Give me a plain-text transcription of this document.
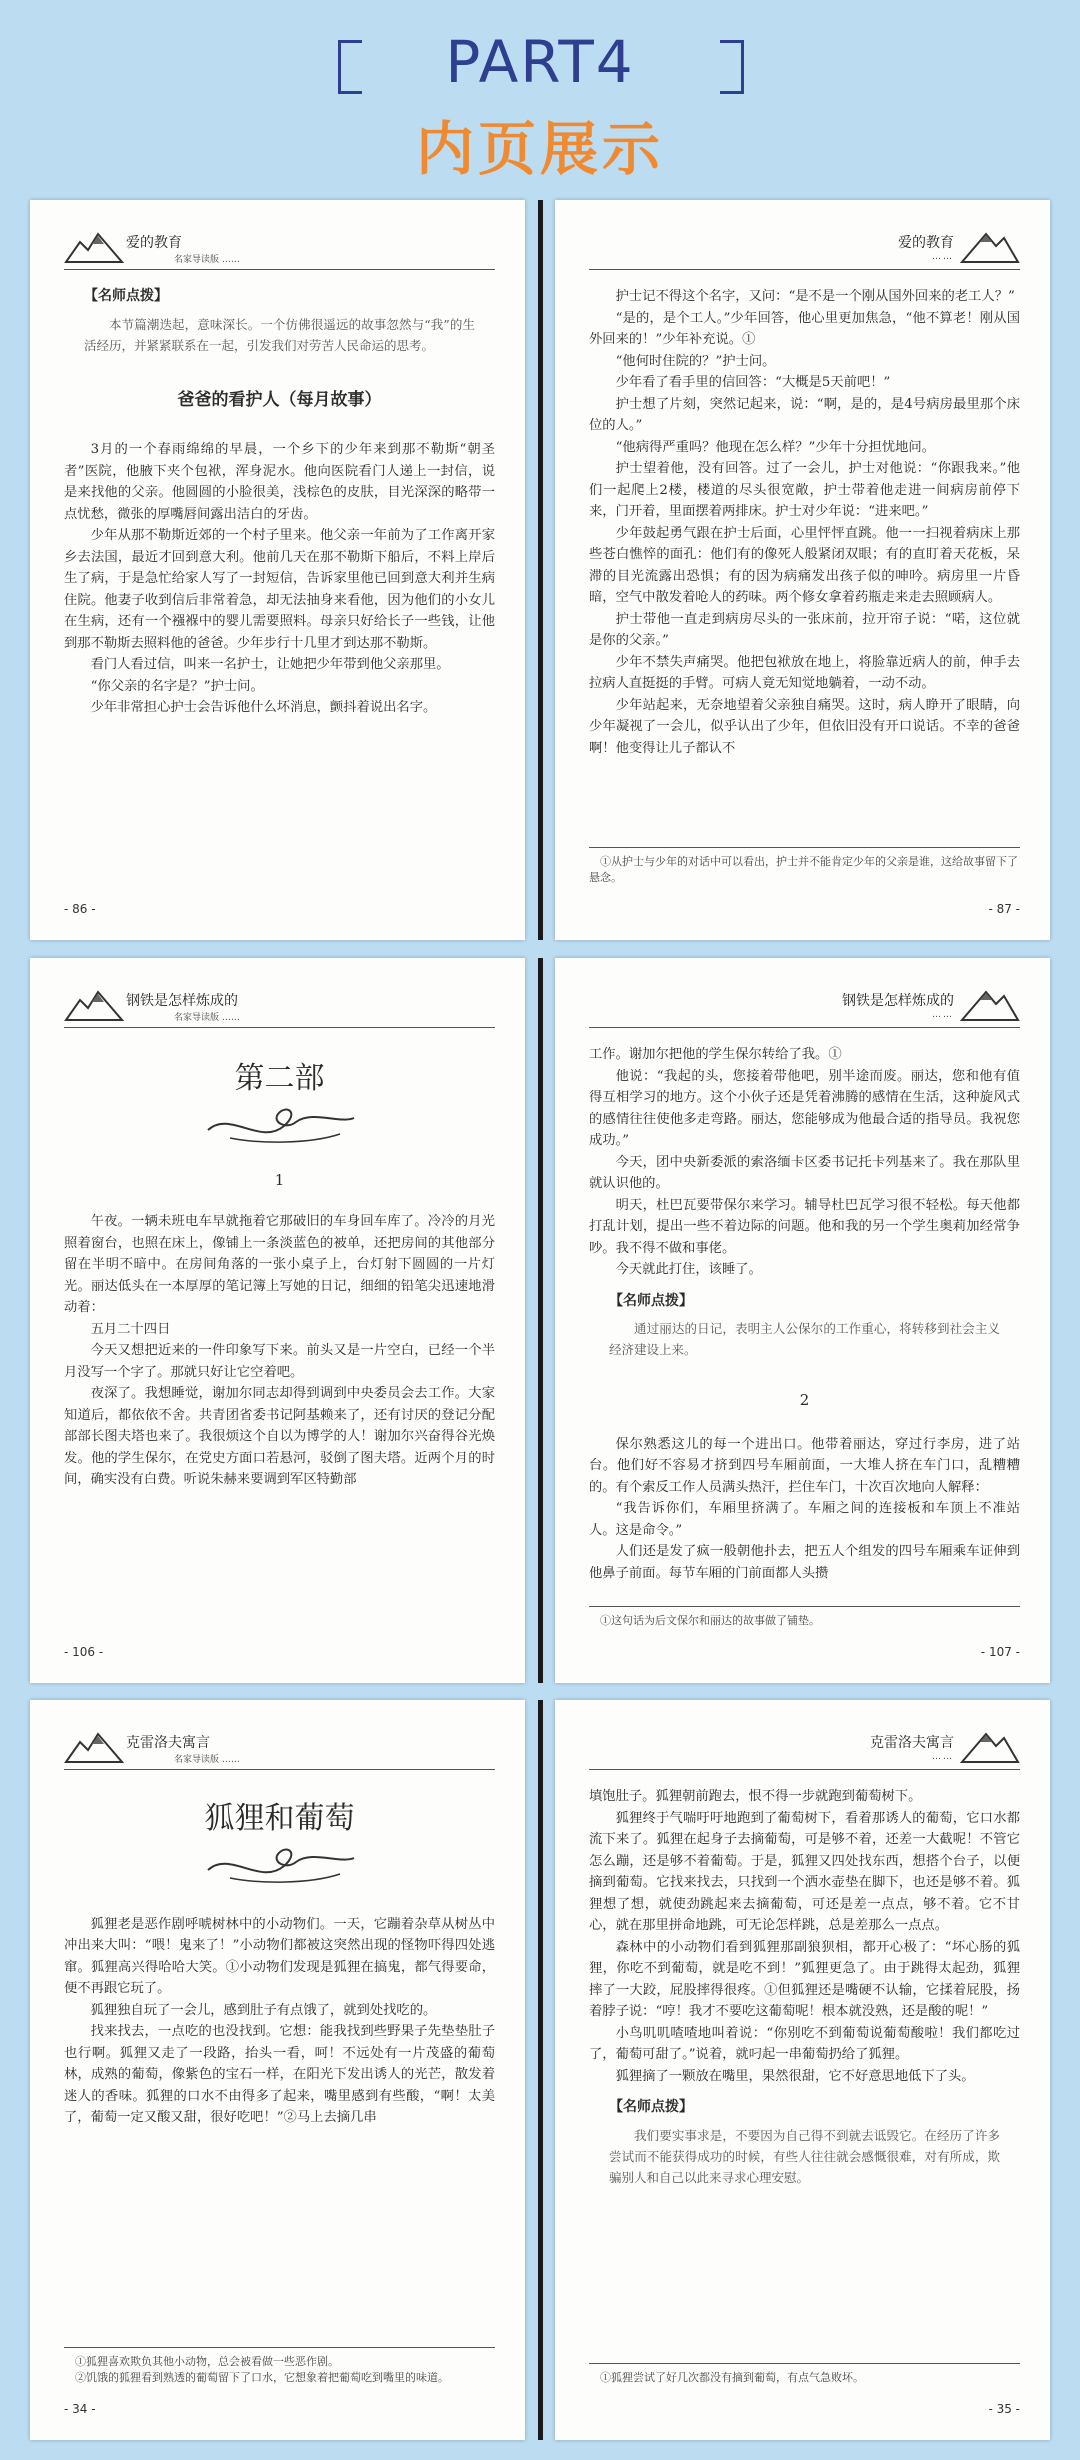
PART4
内页展示
爱的教育
名家导读版 ……
【名师点拨】

本节篇潮迭起，意味深长。一个仿佛很遥远的故事忽然与“我”的生活经历，并紧紧联系在一起，引发我们对劳苦人民命运的思考。

爸爸的看护人（每月故事）

3月的一个春雨绵绵的早晨，一个乡下的少年来到那不勒斯“朝圣者”医院，他腋下夹个包袱，浑身泥水。他向医院看门人递上一封信，说是来找他的父亲。他圆圆的小脸很美，浅棕色的皮肤，目光深深的略带一点忧愁，微张的厚嘴唇间露出洁白的牙齿。

少年从那不勒斯近郊的一个村子里来。他父亲一年前为了工作离开家乡去法国，最近才回到意大利。他前几天在那不勒斯下船后，不料上岸后生了病，于是急忙给家人写了一封短信，告诉家里他已回到意大利并生病住院。他妻子收到信后非常着急，却无法抽身来看他，因为他们的小女儿在生病，还有一个襁褓中的婴儿需要照料。母亲只好给长子一些钱，让他到那不勒斯去照料他的爸爸。少年步行十几里才到达那不勒斯。

看门人看过信，叫来一名护士，让她把少年带到他父亲那里。

“你父亲的名字是？”护士问。

少年非常担心护士会告诉他什么坏消息，颤抖着说出名字。

- 86 -
爱的教育
……

护士记不得这个名字，又问：“是不是一个刚从国外回来的老工人？”

“是的，是个工人。”少年回答，他心里更加焦急，“他不算老！刚从国外回来的！”少年补充说。①

“他何时住院的？”护士问。

少年看了看手里的信回答：“大概是5天前吧！”

护士想了片刻，突然记起来，说：“啊，是的，是4号病房最里那个床位的人。”

“他病得严重吗？他现在怎么样？”少年十分担忧地问。

护士望着他，没有回答。过了一会儿，护士对他说：“你跟我来。”他们一起爬上2楼，楼道的尽头很宽敞，护士带着他走进一间病房前停下来，门开着，里面摆着两排床。护士对少年说：“进来吧。”

少年鼓起勇气跟在护士后面，心里怦怦直跳。他一一扫视着病床上那些苍白憔悴的面孔：他们有的像死人般紧闭双眼；有的直盯着天花板，呆滞的目光流露出恐惧；有的因为病痛发出孩子似的呻吟。病房里一片昏暗，空气中散发着呛人的药味。两个修女拿着药瓶走来走去照顾病人。

护士带他一直走到病房尽头的一张床前，拉开帘子说：“喏，这位就是你的父亲。”

少年不禁失声痛哭。他把包袱放在地上，将脸靠近病人的前，伸手去拉病人直挺挺的手臂。可病人竟无知觉地躺着，一动不动。

少年站起来，无奈地望着父亲独自痛哭。这时，病人睁开了眼睛，向少年凝视了一会儿，似乎认出了少年，但依旧没有开口说话。不幸的爸爸啊！他变得让儿子都认不

①从护士与少年的对话中可以看出，护士并不能肯定少年的父亲是谁，这给故事留下了悬念。

- 87 -
钢铁是怎样炼成的
名家导读版 ……
第二部
1

午夜。一辆未班电车早就拖着它那破旧的车身回车库了。冷冷的月光照着窗台，也照在床上，像铺上一条淡蓝色的被单，还把房间的其他部分留在半明不暗中。在房间角落的一张小桌子上，台灯射下圆圆的一片灯光。丽达低头在一本厚厚的笔记簿上写她的日记，细细的铅笔尖迅速地滑动着：

五月二十四日

今天又想把近来的一件印象写下来。前头又是一片空白，已经一个半月没写一个字了。那就只好让它空着吧。

夜深了。我想睡觉，谢加尔同志却得到调到中央委员会去工作。大家知道后，都依依不舍。共青团省委书记阿基赖来了，还有讨厌的登记分配部部长图夫塔也来了。我很烦这个自以为博学的人！谢加尔兴奋得谷光焕发。他的学生保尔，在党史方面口若悬河，驳倒了图夫塔。近两个月的时间，确实没有白费。听说朱赫来要调到军区特勤部

- 106 -
钢铁是怎样炼成的
……

工作。谢加尔把他的学生保尔转给了我。①

他说：“我起的头，您接着带他吧，别半途而废。丽达，您和他有值得互相学习的地方。这个小伙子还是凭着沸腾的感情在生活，这种旋风式的感情往往使他多走弯路。丽达，您能够成为他最合适的指导员。我祝您成功。”

今天，团中央新委派的索洛缅卡区委书记托卡列基来了。我在那队里就认识他的。

明天，杜巴瓦要带保尔来学习。辅导杜巴瓦学习很不轻松。每天他都打乱计划，提出一些不着边际的问题。他和我的另一个学生奥莉加经常争吵。我不得不做和事佬。

今天就此打住，该睡了。

【名师点拨】

通过丽达的日记，表明主人公保尔的工作重心，将转移到社会主义经济建设上来。

2

保尔熟悉这儿的每一个进出口。他带着丽达，穿过行李房，进了站台。他们好不容易才挤到四号车厢前面，一大堆人挤在车门口，乱糟糟的。有个索反工作人员满头热汗，拦住车门，十次百次地向人解释：

“我告诉你们，车厢里挤满了。车厢之间的连接板和车顶上不准站人。这是命令。”

人们还是发了疯一般朝他扑去，把五人个组发的四号车厢乘车证伸到他鼻子前面。每节车厢的门前面都人头攒

①这句话为后文保尔和丽达的故事做了铺垫。

- 107 -
克雷洛夫寓言
名家导读版 ……
狐狸和葡萄

狐狸老是恶作剧呼唬树林中的小动物们。一天，它蹦着杂草从树丛中冲出来大叫：“喂！鬼来了！”小动物们都被这突然出现的怪物吓得四处逃窜。狐狸高兴得哈哈大笑。①小动物们发现是狐狸在搞鬼，都气得要命，便不再跟它玩了。

狐狸独自玩了一会儿，感到肚子有点饿了，就到处找吃的。

找来找去，一点吃的也没找到。它想：能我找到些野果子先垫垫肚子也行啊。狐狸又走了一段路，抬头一看，呵！不远处有一片茂盛的葡萄林，成熟的葡萄，像紫色的宝石一样，在阳光下发出诱人的光芒，散发着迷人的香味。狐狸的口水不由得多了起来，嘴里感到有些酸，“啊！太美了，葡萄一定又酸又甜，很好吃吧！”②马上去摘几串

①狐狸喜欢欺负其他小动物，总会被看做一些恶作剧。

②饥饿的狐狸看到熟透的葡萄留下了口水，它想象着把葡萄吃到嘴里的味道。

- 34 -
克雷洛夫寓言
……

填饱肚子。狐狸朝前跑去，恨不得一步就跑到葡萄树下。

狐狸终于气喘吁吁地跑到了葡萄树下，看着那诱人的葡萄，它口水都流下来了。狐狸在起身子去摘葡萄，可是够不着，还差一大截呢！不管它怎么蹦，还是够不着葡萄。于是，狐狸又四处找东西，想搭个台子，以便摘到葡萄。它找来找去，只找到一个洒水壶垫在脚下，也还是够不着。狐狸想了想，就使劲跳起来去摘葡萄，可还是差一点点，够不着。它不甘心，就在那里拼命地跳，可无论怎样跳，总是差那么一点点。

森林中的小动物们看到狐狸那副狼狈相，都开心极了：“坏心肠的狐狸，你吃不到葡萄，就是吃不到！”狐狸更急了。由于跳得太起劲，狐狸摔了一大跤，屁股摔得很疼。①但狐狸还是嘴硬不认输，它揉着屁股，扬着脖子说：“哼！我才不要吃这葡萄呢！根本就没熟，还是酸的呢！”

小鸟叽叽喳喳地叫着说：“你别吃不到葡萄说葡萄酸啦！我们都吃过了，葡萄可甜了。”说着，就叼起一串葡萄扔给了狐狸。

狐狸摘了一颗放在嘴里，果然很甜，它不好意思地低下了头。

【名师点拨】

我们要实事求是，不要因为自己得不到就去诋毁它。在经历了许多尝试而不能获得成功的时候，有些人往往就会感慨很难，对有所成，欺骗别人和自己以此来寻求心理安慰。

①狐狸尝试了好几次都没有摘到葡萄，有点气急败坏。

- 35 -
